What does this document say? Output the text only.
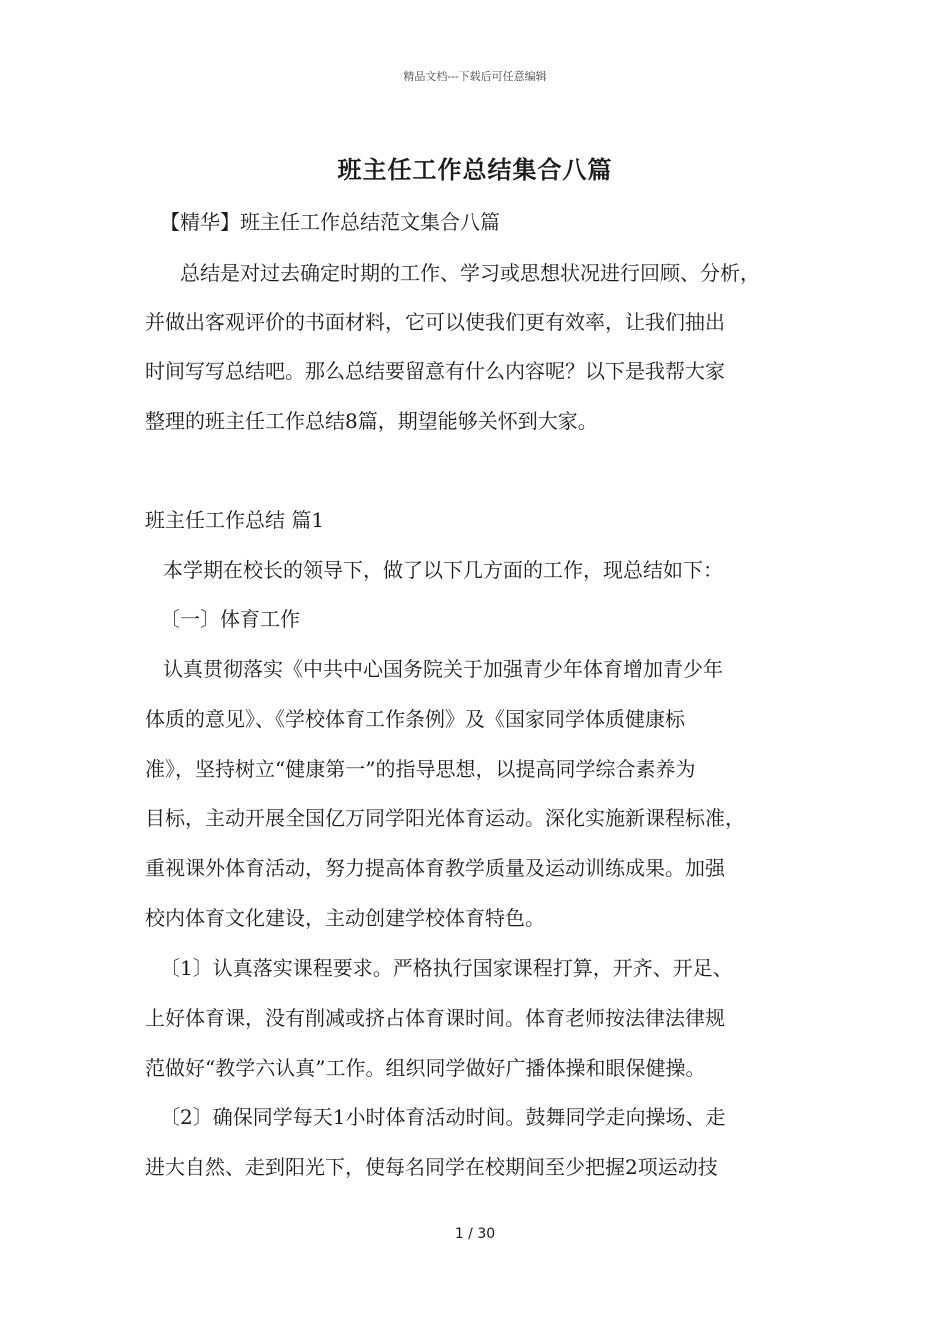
精品文档---下载后可任意编辑
班主任工作总结集合八篇
【精华】班主任工作总结范文集合八篇
总结是对过去确定时期的工作、学习或思想状况进行回顾、分析，
并做出客观评价的书面材料，它可以使我们更有效率，让我们抽出
时间写写总结吧。那么总结要留意有什么内容呢？以下是我帮大家
整理的班主任工作总结8篇，期望能够关怀到大家。
班主任工作总结 篇1
本学期在校长的领导下，做了以下几方面的工作，现总结如下：
〔一〕体育工作
认真贯彻落实《中共中心国务院关于加强青少年体育增加青少年
体质的意见》、《学校体育工作条例》及《国家同学体质健康标
准》，坚持树立“健康第一”的指导思想，以提高同学综合素养为
目标，主动开展全国亿万同学阳光体育运动。深化实施新课程标准，
重视课外体育活动，努力提高体育教学质量及运动训练成果。加强
校内体育文化建设，主动创建学校体育特色。
〔1〕认真落实课程要求。严格执行国家课程打算，开齐、开足、
上好体育课，没有削减或挤占体育课时间。体育老师按法律法律规
范做好“教学六认真”工作。组织同学做好广播体操和眼保健操。
〔2〕确保同学每天1小时体育活动时间。鼓舞同学走向操场、走
进大自然、走到阳光下，使每名同学在校期间至少把握2项运动技
1 / 30
